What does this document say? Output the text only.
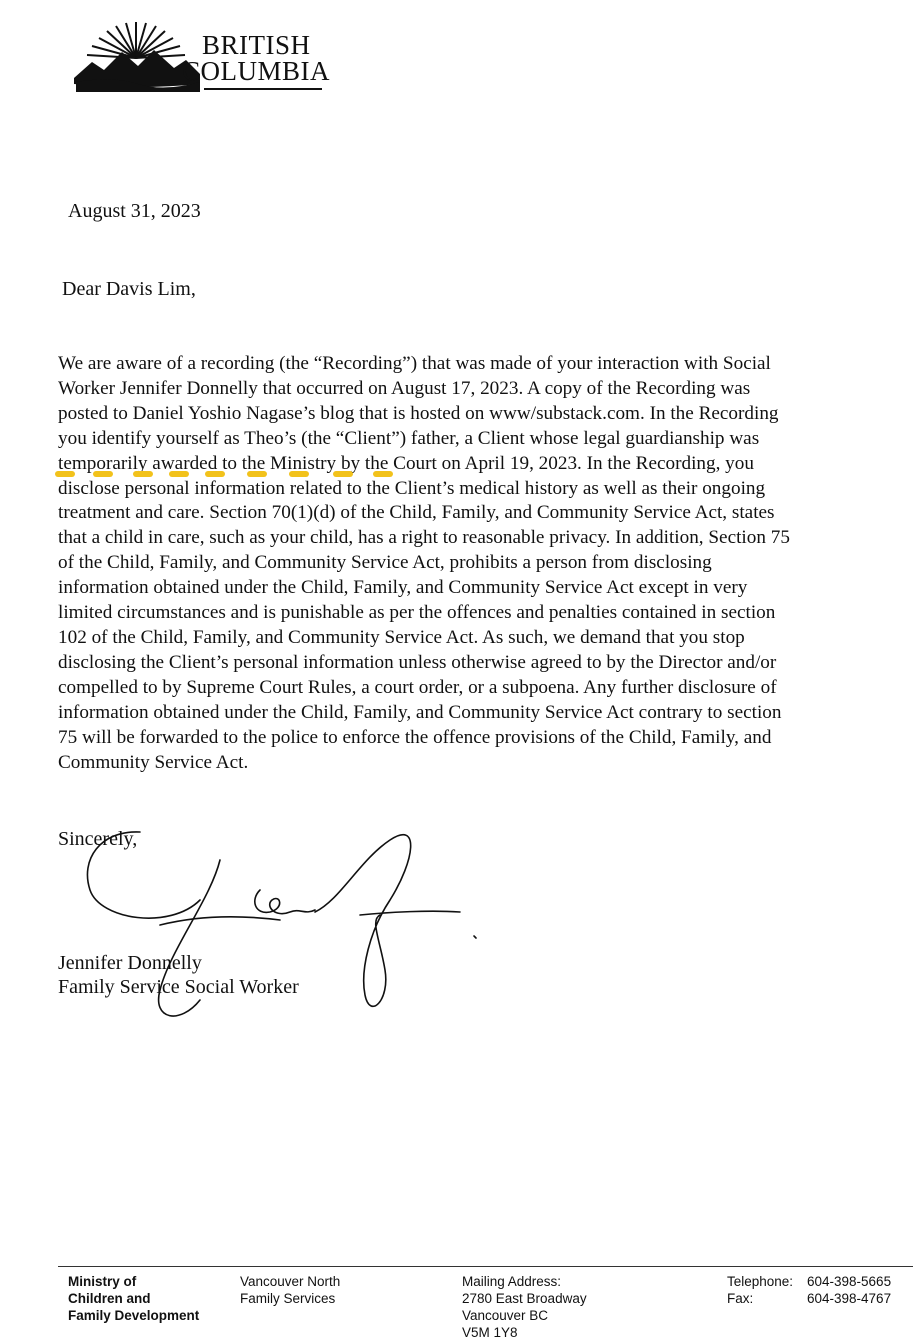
BRITISH
COLUMBIA
August 31, 2023
Dear Davis Lim,
We are aware of a recording (the “Recording”) that was made of your interaction with Social
Worker Jennifer Donnelly that occurred on August 17, 2023. A copy of the Recording was
posted to Daniel Yoshio Nagase’s blog that is hosted on www/substack.com. In the Recording
you identify yourself as Theo’s (the “Client”) father, a Client whose legal guardianship was
temporarily awarded to the Ministry by the Court on April 19, 2023. In the Recording, you
disclose personal information related to the Client’s medical history as well as their ongoing
treatment and care. Section 70(1)(d) of the Child, Family, and Community Service Act, states
that a child in care, such as your child, has a right to reasonable privacy. In addition, Section 75
of the Child, Family, and Community Service Act, prohibits a person from disclosing
information obtained under the Child, Family, and Community Service Act except in very
limited circumstances and is punishable as per the offences and penalties contained in section
102 of the Child, Family, and Community Service Act. As such, we demand that you stop
disclosing the Client’s personal information unless otherwise agreed to by the Director and/or
compelled to by Supreme Court Rules, a court order, or a subpoena. Any further disclosure of
information obtained under the Child, Family, and Community Service Act contrary to section
75 will be forwarded to the police to enforce the offence provisions of the Child, Family, and
Community Service Act.
Sincerely,
Jennifer Donnelly
Family Service Social Worker
Ministry of
Children and
Family Development
Vancouver North
Family Services
Mailing Address:
2780 East Broadway
Vancouver BC
V5M 1Y8
Telephone: 604-398-5665
Fax:	604-398-4767
